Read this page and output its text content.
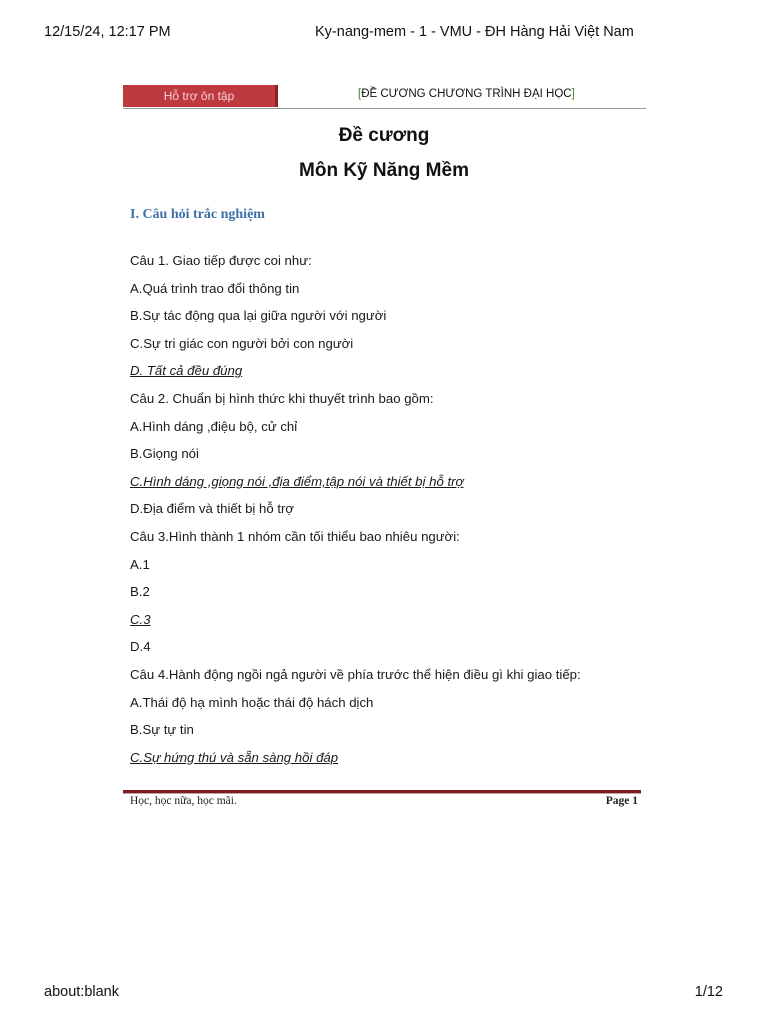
12/15/24, 12:17 PM	Ky-nang-mem - 1 - VMU - ĐH Hàng Hải Việt Nam
Hỗ trợ ôn tập	[ĐỀ CƯƠNG CHƯƠNG TRÌNH ĐẠI HỌC]
Đề cương
Môn Kỹ Năng Mềm
I. Câu hỏi trắc nghiệm
Câu 1. Giao tiếp được coi như:
A.Quá trình trao đổi thông tin
B.Sự tác động qua lại giữa người với người
C.Sự tri giác con người bởi con người
D. Tất cả đều đúng
Câu 2. Chuẩn bị hình thức khi thuyết trình bao gồm:
A.Hình dáng ,điệu bộ, cử chỉ
B.Giọng nói
C.Hình dáng ,giọng nói ,địa điểm,tập nói và thiết bị hỗ trợ
D.Địa điểm và thiết bị hỗ trợ
Câu 3.Hình thành 1 nhóm cần tối thiểu bao nhiêu người:
A.1
B.2
C.3
D.4
Câu 4.Hành động ngồi ngả người về phía trước thể hiện điều gì khi giao tiếp:
A.Thái độ hạ mình hoặc thái độ hách dịch
B.Sự tự tin
C.Sự hứng thú và sẵn sàng hồi đáp
Học, học nữa, học mãi.	Page 1
about:blank	1/12
